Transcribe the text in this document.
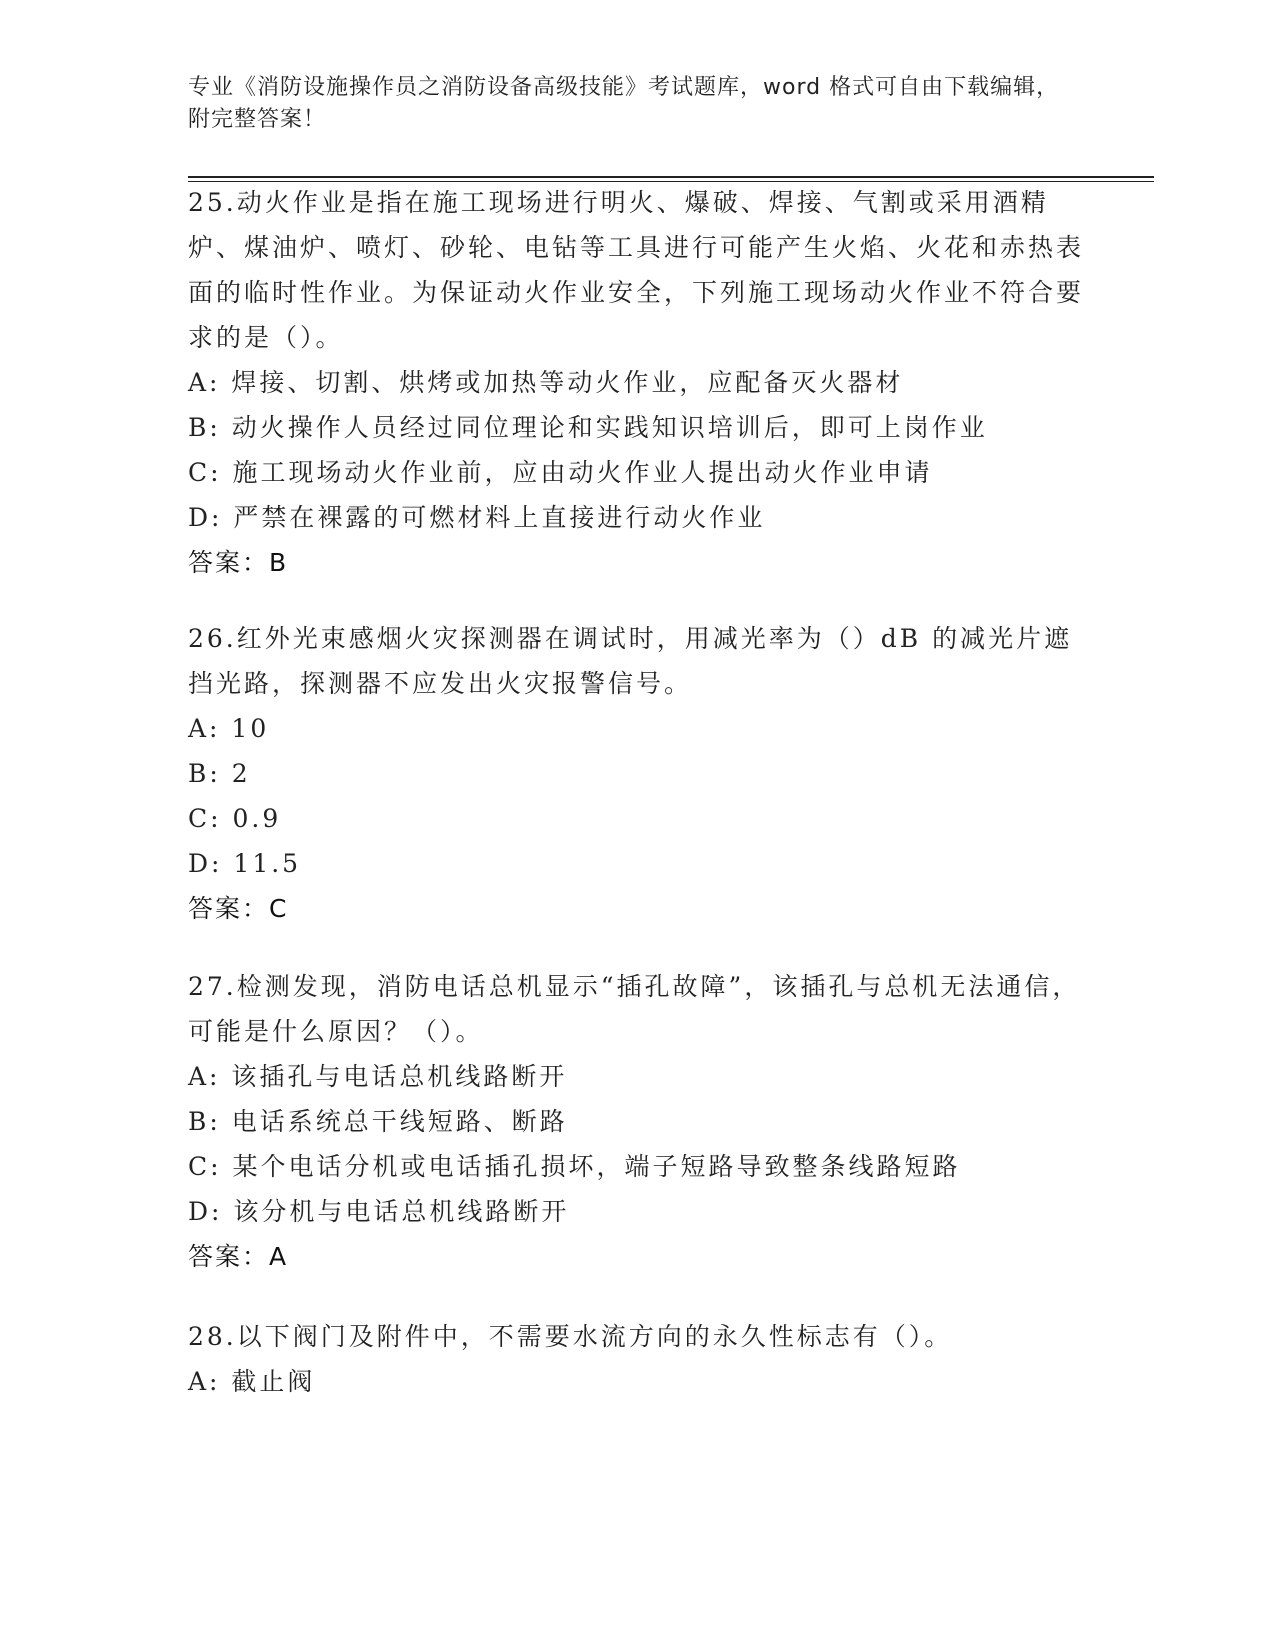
专业《消防设施操作员之消防设备高级技能》考试题库，word 格式可自由下载编辑，附完整答案！

25.动火作业是指在施工现场进行明火、爆破、焊接、气割或采用酒精炉、煤油炉、喷灯、砂轮、电钻等工具进行可能产生火焰、火花和赤热表面的临时性作业。为保证动火作业安全，下列施工现场动火作业不符合要求的是（）。

A: 焊接、切割、烘烤或加热等动火作业，应配备灭火器材

B: 动火操作人员经过同位理论和实践知识培训后，即可上岗作业

C: 施工现场动火作业前，应由动火作业人提出动火作业申请

D: 严禁在裸露的可燃材料上直接进行动火作业

答案：B

26.红外光束感烟火灾探测器在调试时，用减光率为（）dB 的减光片遮挡光路，探测器不应发出火灾报警信号。

A: 10

B: 2

C: 0.9

D: 11.5

答案：C

27.检测发现，消防电话总机显示“插孔故障”，该插孔与总机无法通信，可能是什么原因？（）。

A: 该插孔与电话总机线路断开

B: 电话系统总干线短路、断路

C: 某个电话分机或电话插孔损坏，端子短路导致整条线路短路

D: 该分机与电话总机线路断开

答案：A

28.以下阀门及附件中，不需要水流方向的永久性标志有（）。

A: 截止阀
